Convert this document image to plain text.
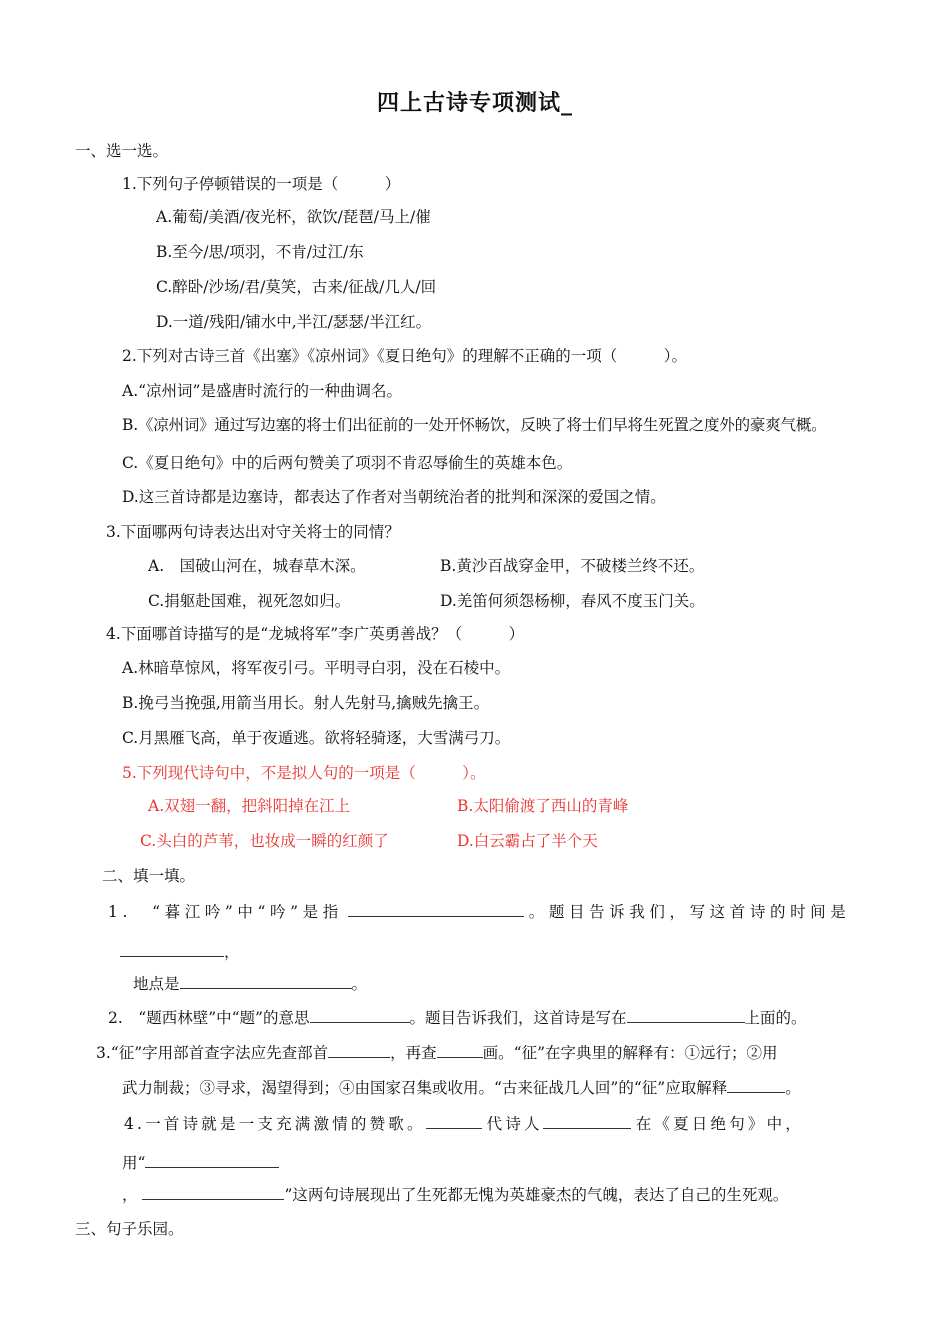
四上古诗专项测试_
一、选一选。
1.下列句子停顿错误的一项是（　　　）
A.葡萄/美酒/夜光杯，欲饮/琵琶/马上/催
B.至今/思/项羽，不肯/过江/东
C.醉卧/沙场/君/莫笑，古来/征战/几人/回
D.一道/残阳/铺水中,半江/瑟瑟/半江红。
2.下列对古诗三首《出塞》《凉州词》《夏日绝句》的理解不正确的一项（　　　）。
A.“凉州词”是盛唐时流行的一种曲调名。
B.《凉州词》通过写边塞的将士们出征前的一处开怀畅饮，反映了将士们早将生死置之度外的豪爽气概。
C.《夏日绝句》中的后两句赞美了项羽不肯忍辱偷生的英雄本色。
D.这三首诗都是边塞诗，都表达了作者对当朝统治者的批判和深深的爱国之情。
3.下面哪两句诗表达出对守关将士的同情？
A.　国破山河在，城春草木深。	B.黄沙百战穿金甲，不破楼兰终不还。
C.捐躯赴国难，视死忽如归。	D.羌笛何须怨杨柳，春风不度玉门关。
4.下面哪首诗描写的是“龙城将军”李广英勇善战？（　　　）
A.林暗草惊风，将军夜引弓。平明寻白羽，没在石棱中。
B.挽弓当挽强,用箭当用长。射人先射马,擒贼先擒王。
C.月黑雁飞高，单于夜遁逃。欲将轻骑逐，大雪满弓刀。
5.下列现代诗句中，不是拟人句的一项是（　　　）。
A.双翅一翻，把斜阳掉在江上	B.太阳偷渡了西山的青峰
C.头白的芦苇，也妆成一瞬的红颜了	D.白云霸占了半个天
二、填一填。
1.　“暮江吟”中“吟”是指	。题目告诉我们，写这首诗的时间是
，
地点是	。
2.　“题西林壁”中“题”的意思	。题目告诉我们，这首诗是写在	上面的。
3.“征”字用部首查字法应先查部首	，再查	画。“征”在字典里的解释有：①远行；②用
武力制裁；③寻求，渴望得到；④由国家召集或收用。“古来征战几人回”的“征”应取解释	。
4.一首诗就是一支充满激情的赞歌。	代诗人	在《夏日绝句》中，
用“
，	”这两句诗展现出了生死都无愧为英雄豪杰的气魄，表达了自己的生死观。
三、句子乐园。
